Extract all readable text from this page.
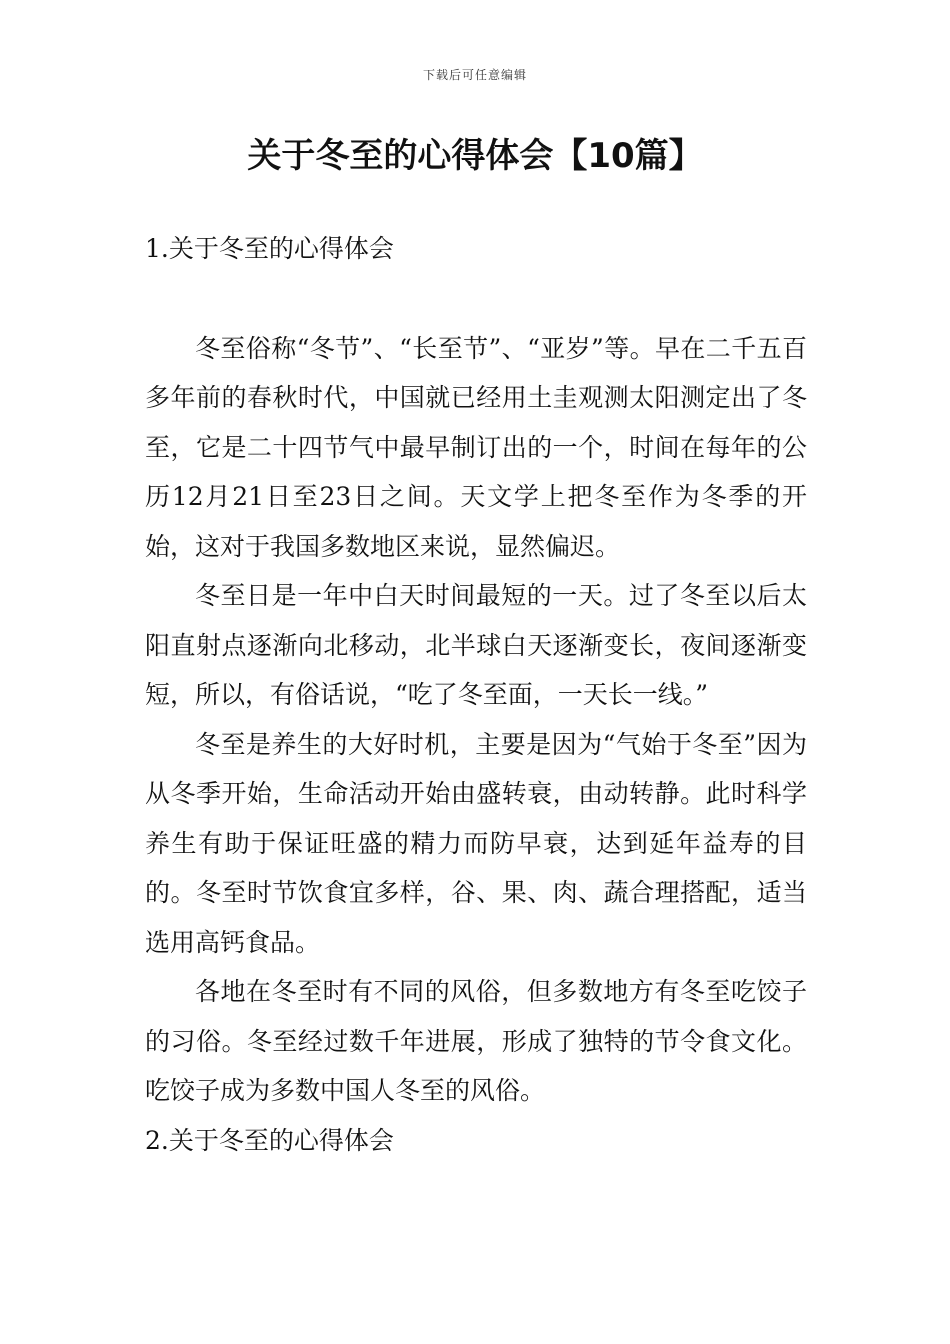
下载后可任意编辑
关于冬至的心得体会【10篇】

1.关于冬至的心得体会

冬至俗称“冬节”、“长至节”、“亚岁”等。早在二千五百多年前的春秋时代，中国就已经用土圭观测太阳测定出了冬至，它是二十四节气中最早制订出的一个，时间在每年的公历12月21日至23日之间。天文学上把冬至作为冬季的开始，这对于我国多数地区来说，显然偏迟。

冬至日是一年中白天时间最短的一天。过了冬至以后太阳直射点逐渐向北移动，北半球白天逐渐变长，夜间逐渐变短，所以，有俗话说，“吃了冬至面，一天长一线。”

冬至是养生的大好时机，主要是因为“气始于冬至”因为从冬季开始，生命活动开始由盛转衰，由动转静。此时科学养生有助于保证旺盛的精力而防早衰，达到延年益寿的目的。冬至时节饮食宜多样，谷、果、肉、蔬合理搭配，适当选用高钙食品。

各地在冬至时有不同的风俗，但多数地方有冬至吃饺子的习俗。冬至经过数千年进展，形成了独特的节令食文化。吃饺子成为多数中国人冬至的风俗。

2.关于冬至的心得体会
